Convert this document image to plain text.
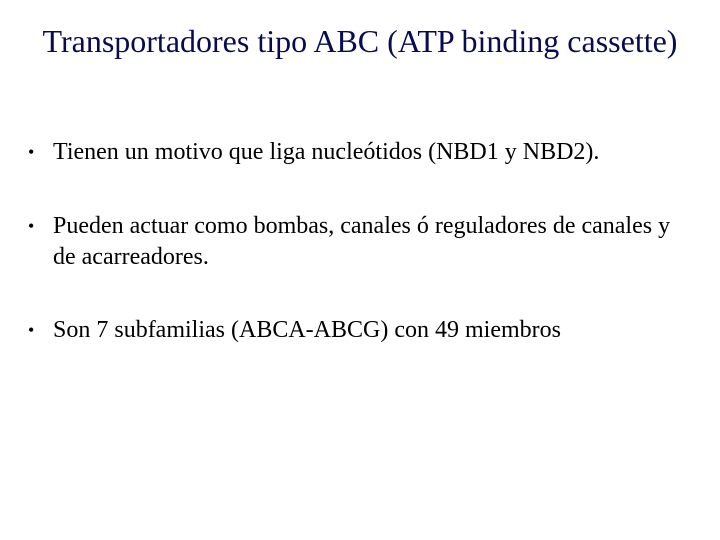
Transportadores tipo ABC (ATP binding cassette)
• Tienen un motivo que liga nucleótidos (NBD1 y NBD2).
• Pueden actuar como bombas, canales ó reguladores de canales y de acarreadores.
• Son 7 subfamilias (ABCA-ABCG) con 49 miembros
